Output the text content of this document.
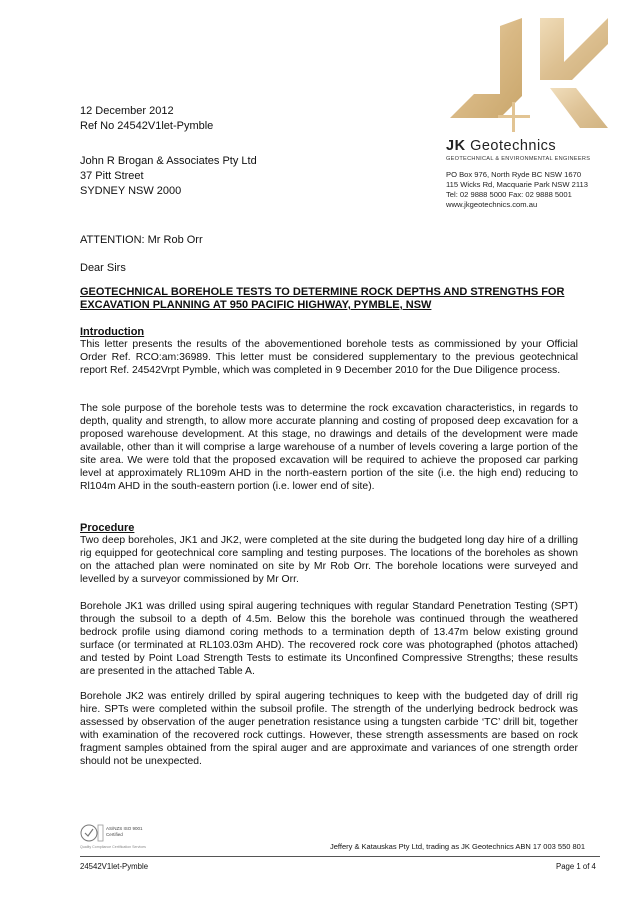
JK Geotechnics
GEOTECHNICAL & ENVIRONMENTAL ENGINEERS
PO Box 976, North Ryde BC NSW 1670
115 Wicks Rd, Macquarie Park NSW 2113
Tel: 02 9888 5000 Fax: 02 9888 5001
www.jkgeotechnics.com.au
12 December 2012
Ref No 24542V1let-Pymble
John R Brogan & Associates Pty Ltd
37 Pitt Street
SYDNEY NSW 2000
ATTENTION: Mr Rob Orr
Dear Sirs
GEOTECHNICAL BOREHOLE TESTS TO DETERMINE ROCK DEPTHS AND STRENGTHS FOR EXCAVATION PLANNING AT 950 PACIFIC HIGHWAY, PYMBLE, NSW
Introduction
This letter presents the results of the abovementioned borehole tests as commissioned by your Official Order Ref. RCO:am:36989. This letter must be considered supplementary to the previous geotechnical report Ref. 24542Vrpt Pymble, which was completed in 9 December 2010 for the Due Diligence process.
The sole purpose of the borehole tests was to determine the rock excavation characteristics, in regards to depth, quality and strength, to allow more accurate planning and costing of proposed deep excavation for a proposed warehouse development. At this stage, no drawings and details of the development were made available, other than it will comprise a large warehouse of a number of levels covering a large portion of the site area. We were told that the proposed excavation will be required to achieve the proposed car parking level at approximately RL109m AHD in the north-eastern portion of the site (i.e. the high end) reducing to Rl104m AHD in the south-eastern portion (i.e. lower end of site).
Procedure
Two deep boreholes, JK1 and JK2, were completed at the site during the budgeted long day hire of a drilling rig equipped for geotechnical core sampling and testing purposes. The locations of the boreholes as shown on the attached plan were nominated on site by Mr Rob Orr. The borehole locations were surveyed and levelled by a surveyor commissioned by Mr Orr.
Borehole JK1 was drilled using spiral augering techniques with regular Standard Penetration Testing (SPT) through the subsoil to a depth of 4.5m. Below this the borehole was continued through the weathered bedrock profile using diamond coring methods to a termination depth of 13.47m below existing ground surface (or terminated at RL103.03m AHD). The recovered rock core was photographed (photos attached) and tested by Point Load Strength Tests to estimate its Unconfined Compressive Strengths; these results are presented in the attached Table A.
Borehole JK2 was entirely drilled by spiral augering techniques to keep with the budgeted day of drill rig hire. SPTs were completed within the subsoil profile. The strength of the underlying bedrock bedrock was assessed by observation of the auger penetration resistance using a tungsten carbide ‘TC’ drill bit, together with examination of the recovered rock cuttings. However, these strength assessments are based on rock fragment samples obtained from the spiral auger and are approximate and variances of one strength order should not be unexpected.
AS/NZS ISO 9001
Certified
Quality Compliance Certification Services	Jeffery & Katauskas Pty Ltd, trading as JK Geotechnics ABN 17 003 550 801
24542V1let-Pymble	Page 1 of 4
